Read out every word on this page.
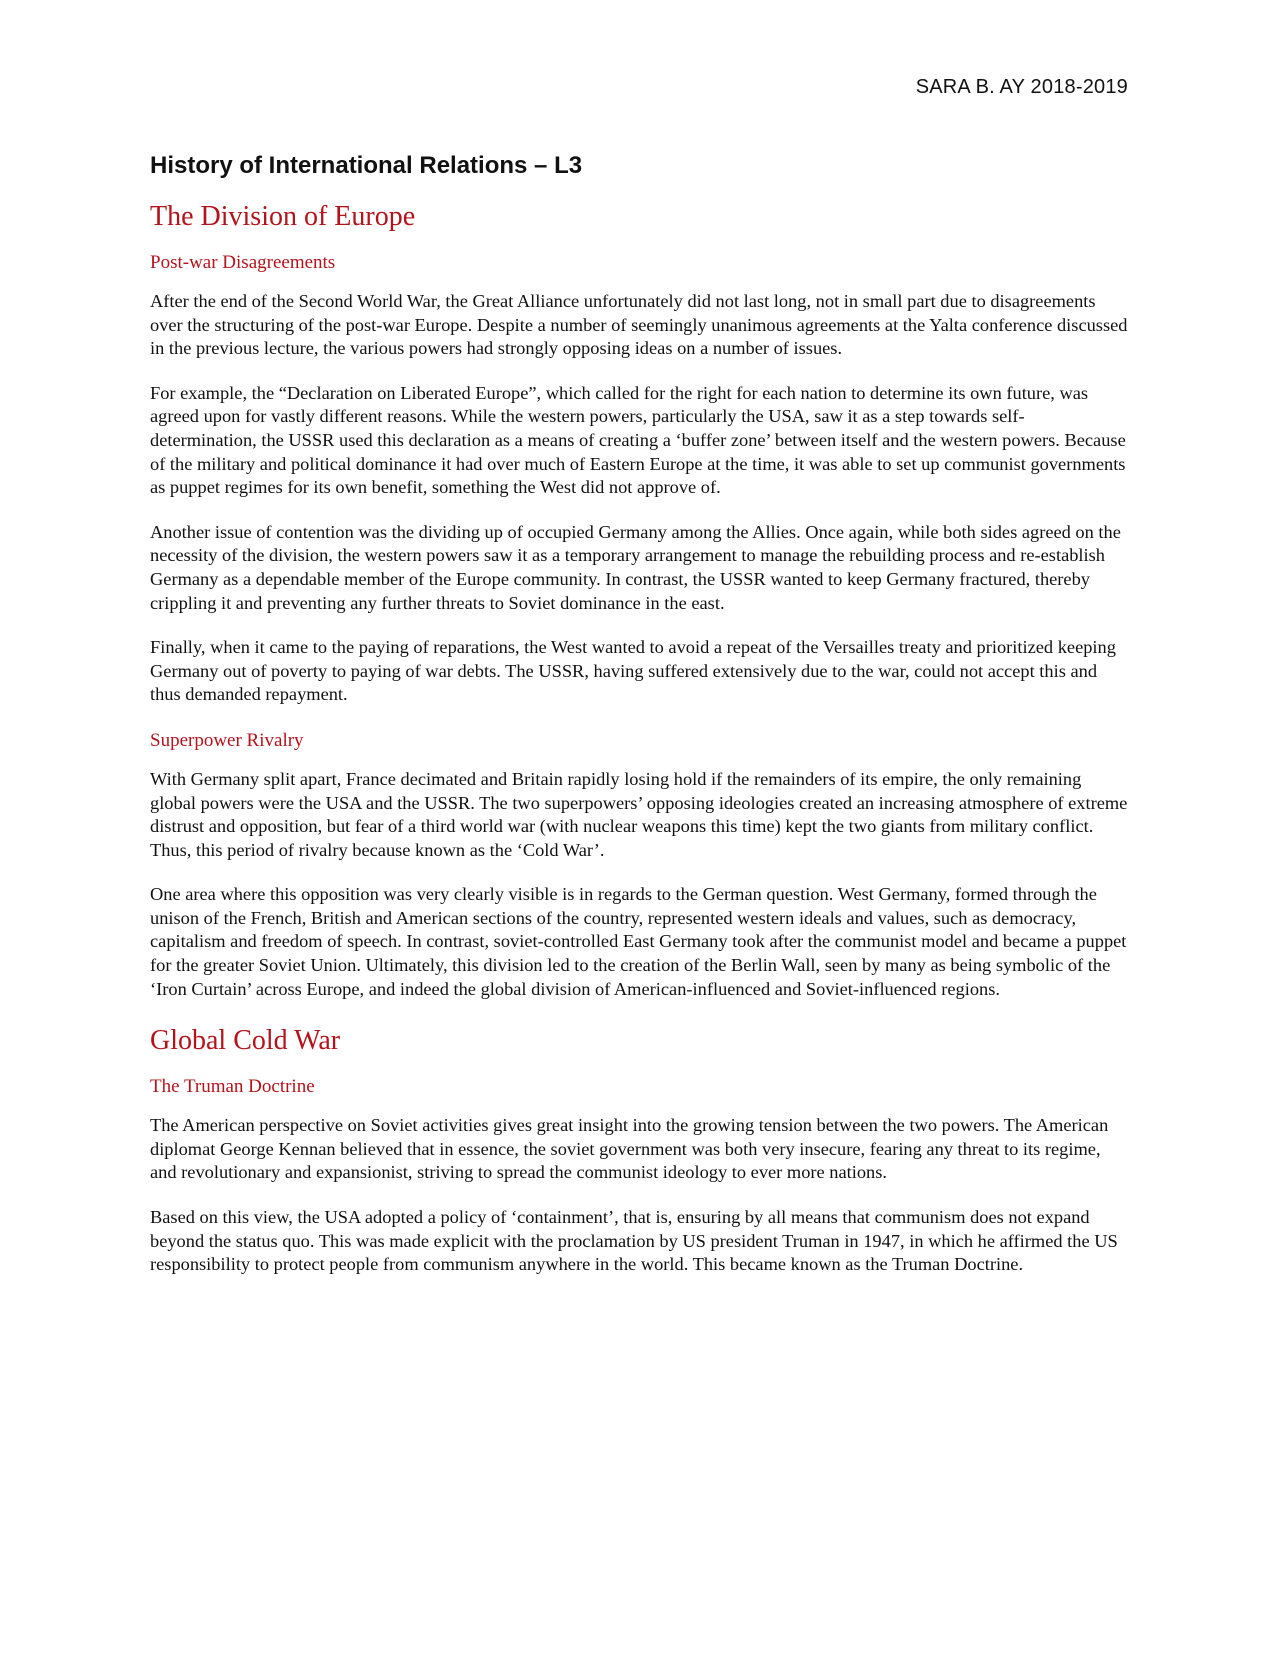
SARA B. AY 2018-2019
History of International Relations – L3
The Division of Europe
Post-war Disagreements

After the end of the Second World War, the Great Alliance unfortunately did not last long, not in small part due to disagreements over the structuring of the post-war Europe. Despite a number of seemingly unanimous agreements at the Yalta conference discussed in the previous lecture, the various powers had strongly opposing ideas on a number of issues.

For example, the “Declaration on Liberated Europe”, which called for the right for each nation to determine its own future, was agreed upon for vastly different reasons. While the western powers, particularly the USA, saw it as a step towards self-determination, the USSR used this declaration as a means of creating a ‘buffer zone’ between itself and the western powers. Because of the military and political dominance it had over much of Eastern Europe at the time, it was able to set up communist governments as puppet regimes for its own benefit, something the West did not approve of.

Another issue of contention was the dividing up of occupied Germany among the Allies. Once again, while both sides agreed on the necessity of the division, the western powers saw it as a temporary arrangement to manage the rebuilding process and re-establish Germany as a dependable member of the Europe community. In contrast, the USSR wanted to keep Germany fractured, thereby crippling it and preventing any further threats to Soviet dominance in the east.

Finally, when it came to the paying of reparations, the West wanted to avoid a repeat of the Versailles treaty and prioritized keeping Germany out of poverty to paying of war debts. The USSR, having suffered extensively due to the war, could not accept this and thus demanded repayment.

Superpower Rivalry

With Germany split apart, France decimated and Britain rapidly losing hold if the remainders of its empire, the only remaining global powers were the USA and the USSR. The two superpowers’ opposing ideologies created an increasing atmosphere of extreme distrust and opposition, but fear of a third world war (with nuclear weapons this time) kept the two giants from military conflict. Thus, this period of rivalry because known as the ‘Cold War’.

One area where this opposition was very clearly visible is in regards to the German question. West Germany, formed through the unison of the French, British and American sections of the country, represented western ideals and values, such as democracy, capitalism and freedom of speech. In contrast, soviet-controlled East Germany took after the communist model and became a puppet for the greater Soviet Union. Ultimately, this division led to the creation of the Berlin Wall, seen by many as being symbolic of the ‘Iron Curtain’ across Europe, and indeed the global division of American-influenced and Soviet-influenced regions.

Global Cold War
The Truman Doctrine

The American perspective on Soviet activities gives great insight into the growing tension between the two powers. The American diplomat George Kennan believed that in essence, the soviet government was both very insecure, fearing any threat to its regime, and revolutionary and expansionist, striving to spread the communist ideology to ever more nations.

Based on this view, the USA adopted a policy of ‘containment’, that is, ensuring by all means that communism does not expand beyond the status quo. This was made explicit with the proclamation by US president Truman in 1947, in which he affirmed the US responsibility to protect people from communism anywhere in the world. This became known as the Truman Doctrine.
